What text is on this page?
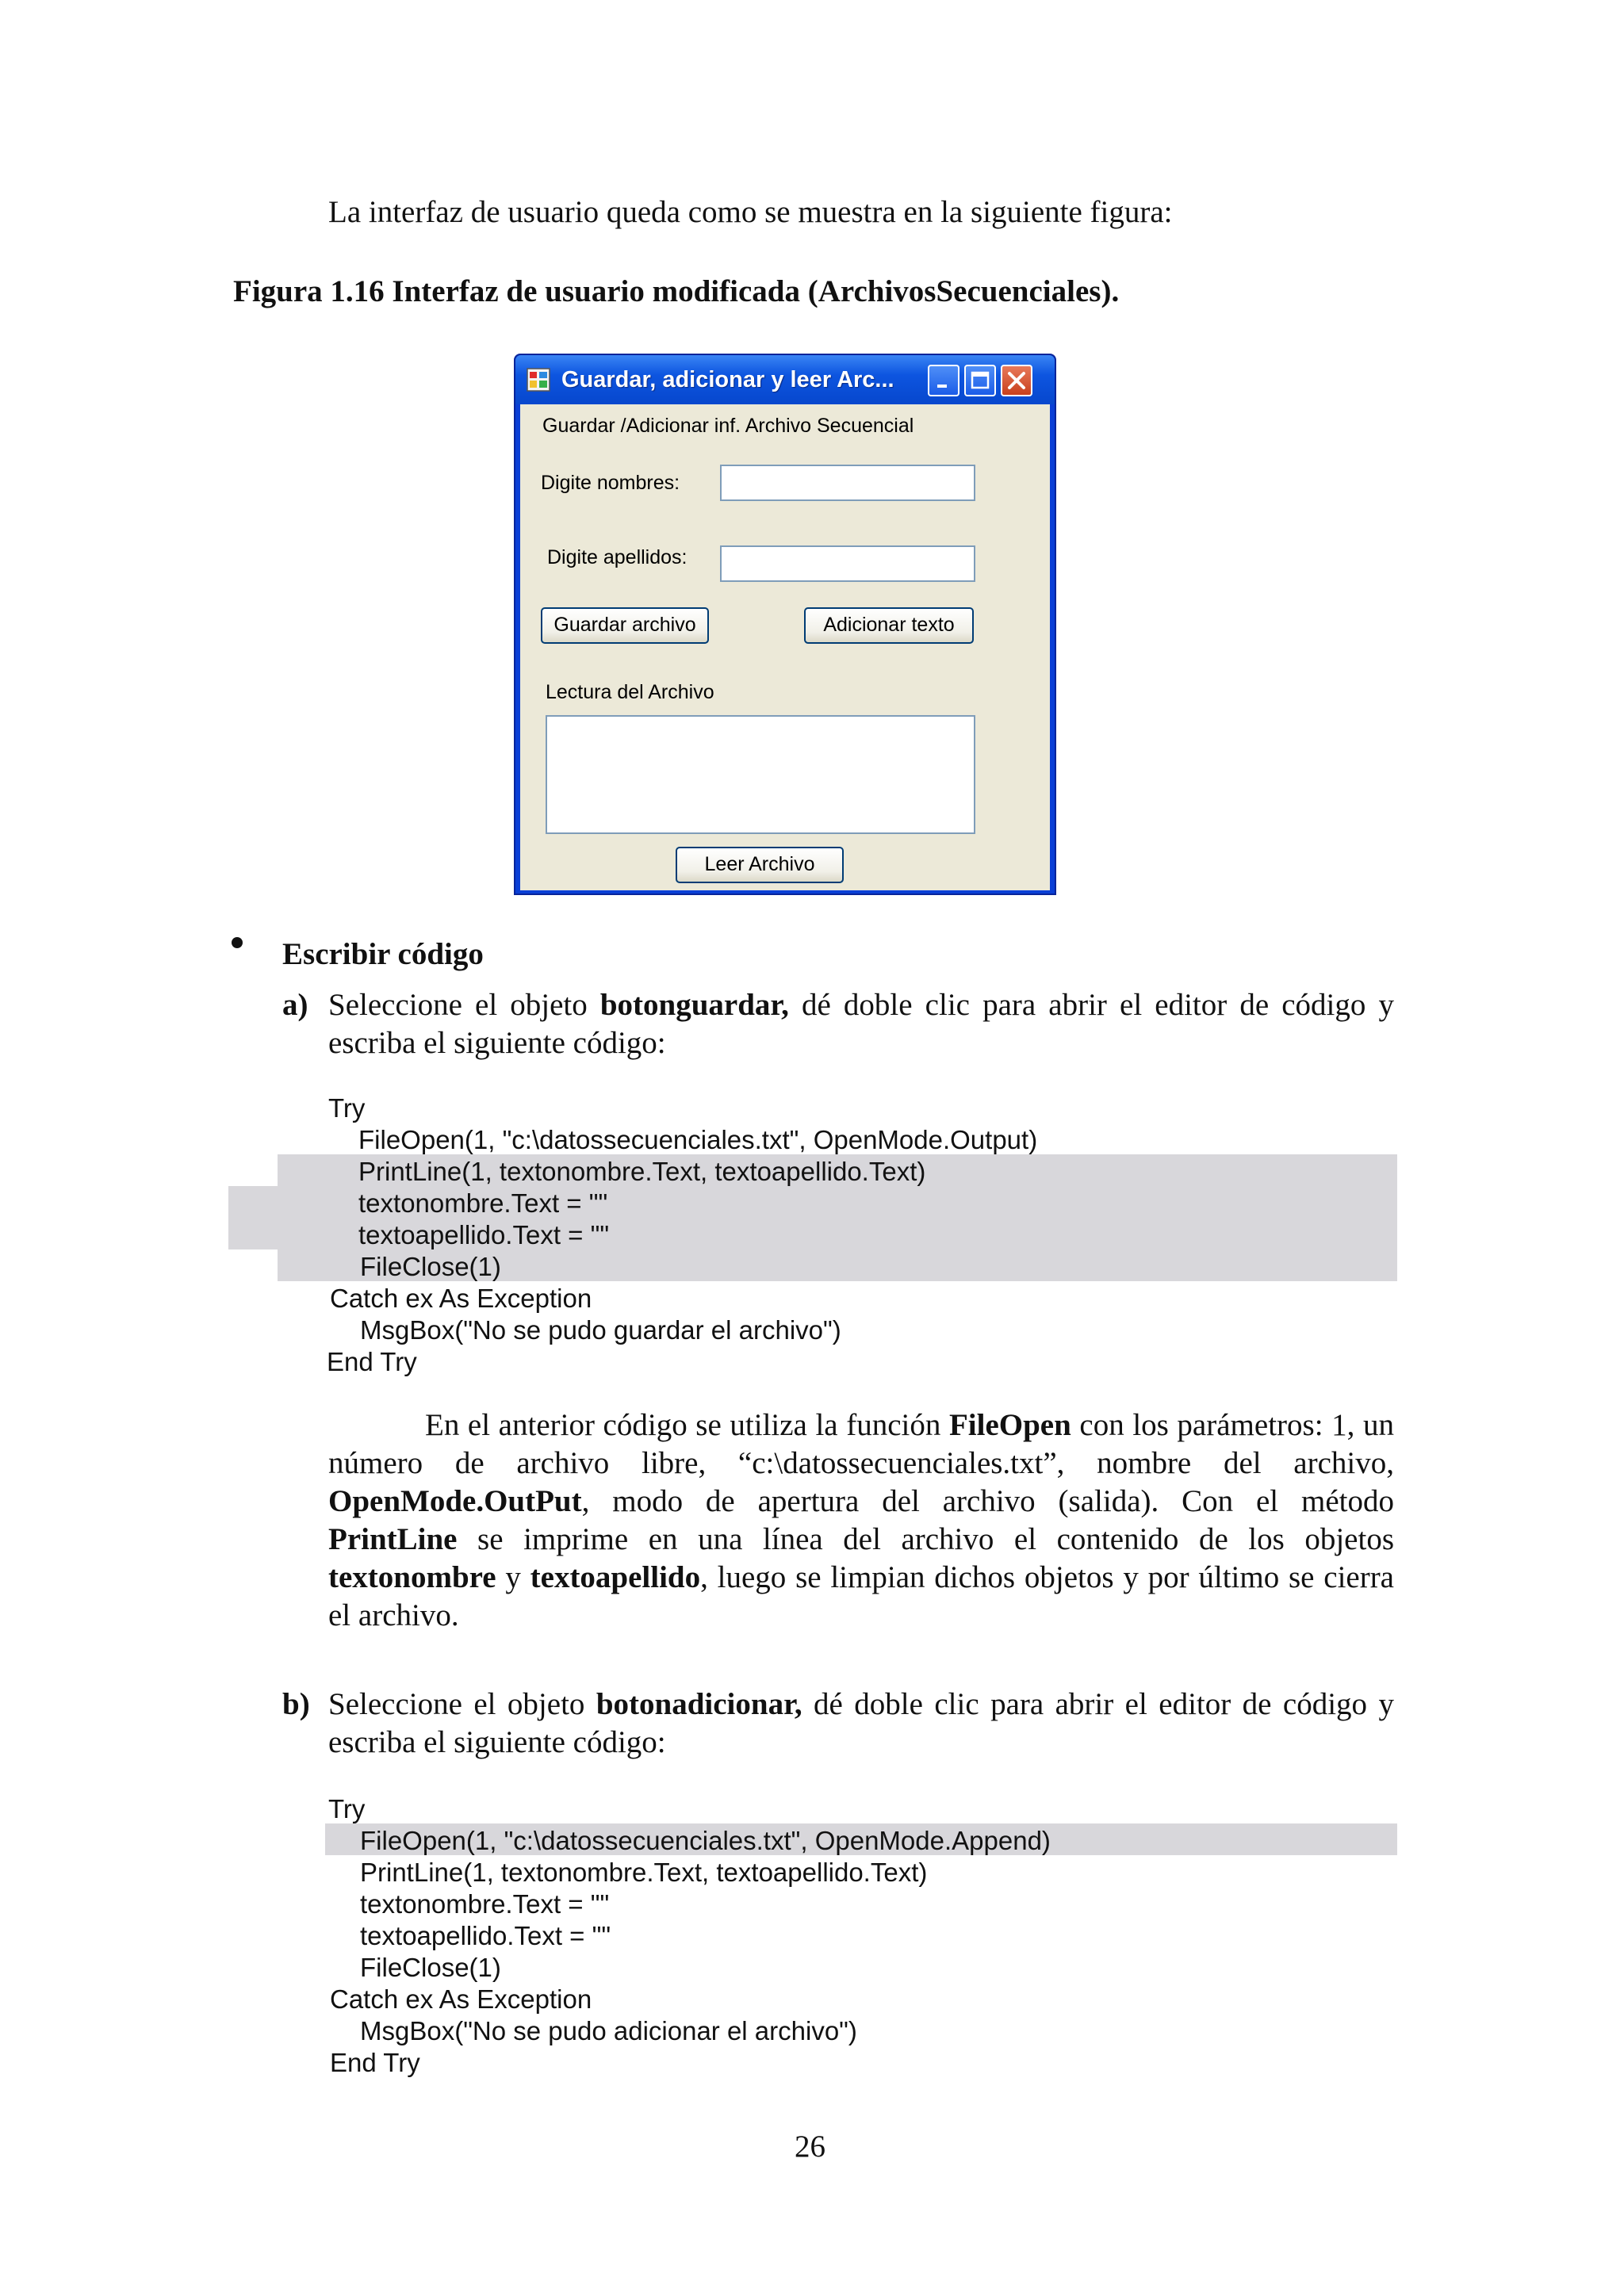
La interfaz de usuario queda como se muestra en la siguiente figura:
Figura 1.16 Interfaz de usuario modificada (ArchivosSecuenciales).
Guardar, adicionar y leer Arc...
Guardar /Adicionar inf. Archivo Secuencial
Digite nombres:
Digite apellidos:
Guardar archivo	Adicionar texto
Lectura del Archivo
Leer Archivo
Escribir código
a) Seleccione el objeto botonguardar, dé doble clic para abrir el editor de código y escriba el siguiente código:
Try
FileOpen(1, "c:\datossecuenciales.txt", OpenMode.Output)
PrintLine(1, textonombre.Text, textoapellido.Text)
textonombre.Text = ""
textoapellido.Text = ""
FileClose(1)
Catch ex As Exception
MsgBox("No se pudo guardar el archivo")
End Try
En el anterior código se utiliza la función FileOpen con los parámetros: 1, un número de archivo libre, “c:\datossecuenciales.txt”, nombre del archivo, OpenMode.OutPut, modo de apertura del archivo (salida). Con el método PrintLine se imprime en una línea del archivo el contenido de los objetos textonombre y textoapellido, luego se limpian dichos objetos y por último se cierra el archivo.
b) Seleccione el objeto botonadicionar, dé doble clic para abrir el editor de código y escriba el siguiente código:
Try
FileOpen(1, "c:\datossecuenciales.txt", OpenMode.Append)
PrintLine(1, textonombre.Text, textoapellido.Text)
textonombre.Text = ""
textoapellido.Text = ""
FileClose(1)
Catch ex As Exception
MsgBox("No se pudo adicionar el archivo")
End Try
26
